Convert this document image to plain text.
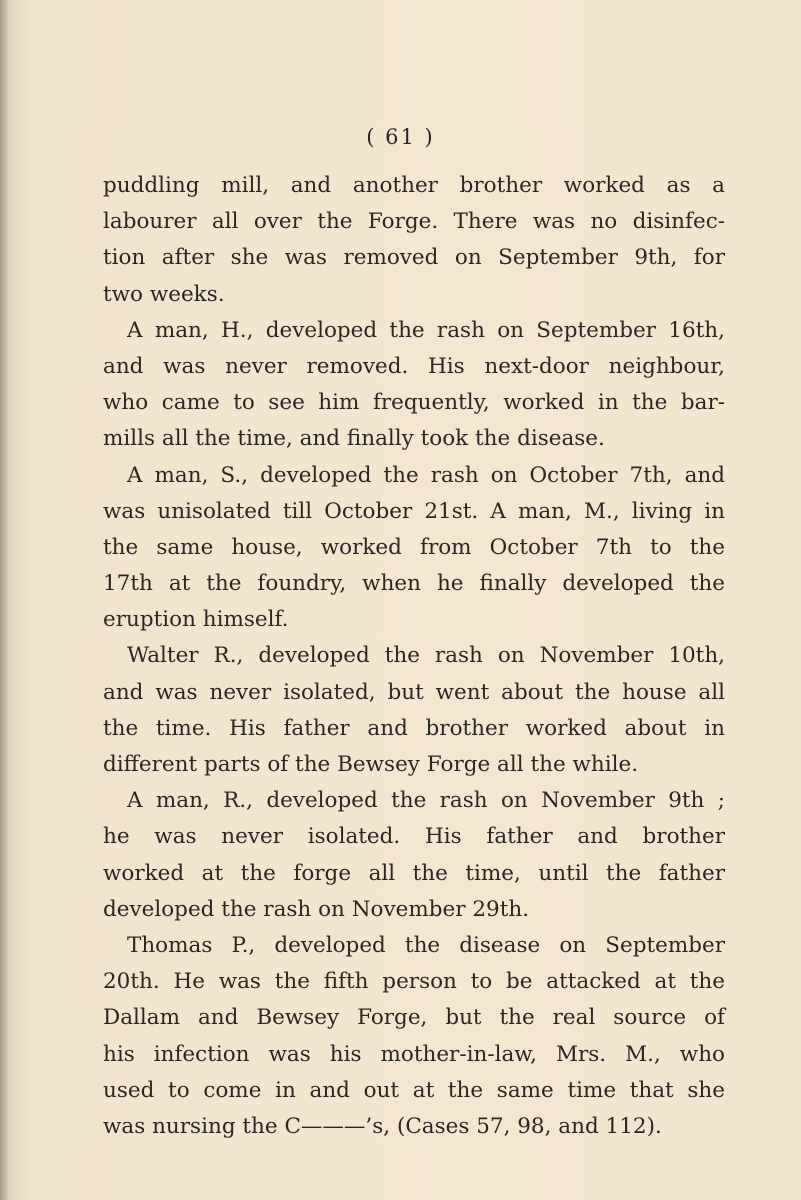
( 61 )
puddling mill, and another brother worked as a
labourer all over the Forge. There was no disinfec-
tion after she was removed on September 9th, for
two weeks.
A man, H., developed the rash on September 16th,
and was never removed. His next-door neighbour,
who came to see him frequently, worked in the bar-
mills all the time, and finally took the disease.
A man, S., developed the rash on October 7th, and
was unisolated till October 21st. A man, M., living in
the same house, worked from October 7th to the
17th at the foundry, when he finally developed the
eruption himself.
Walter R., developed the rash on November 10th,
and was never isolated, but went about the house all
the time. His father and brother worked about in
different parts of the Bewsey Forge all the while.
A man, R., developed the rash on November 9th ;
he was never isolated. His father and brother
worked at the forge all the time, until the father
developed the rash on November 29th.
Thomas P., developed the disease on September
20th. He was the fifth person to be attacked at the
Dallam and Bewsey Forge, but the real source of
his infection was his mother-in-law, Mrs. M., who
used to come in and out at the same time that she
was nursing the C———’s, (Cases 57, 98, and 112).
